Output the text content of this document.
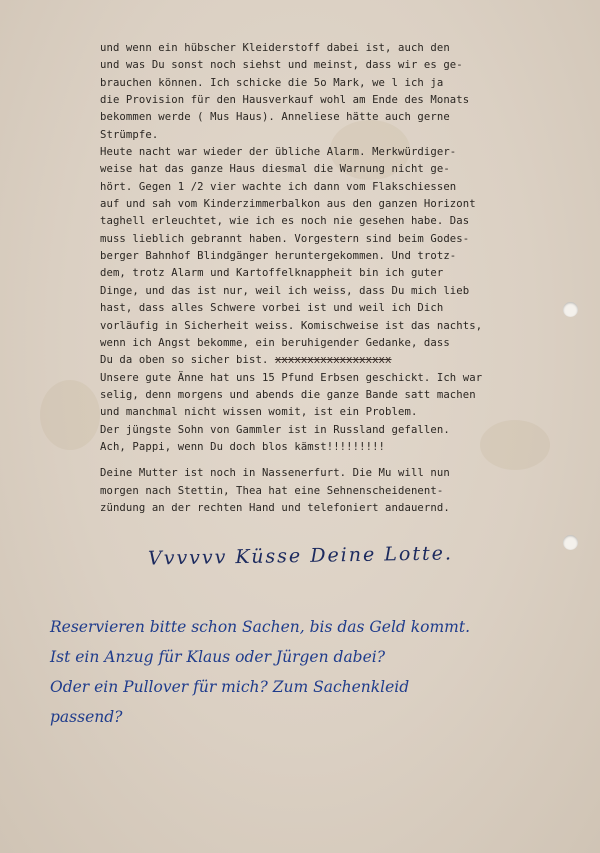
und wenn ein hübscher Kleiderstoff dabei ist, auch den
und was Du sonst noch siehst und meinst, dass wir es ge-
brauchen können. Ich schicke die 5o Mark, we l ich ja
die Provision für den Hausverkauf wohl am Ende des Monats
bekommen werde ( Mus Haus). Anneliese hätte auch gerne
Strümpfe.
Heute nacht war wieder der übliche Alarm. Merkwürdiger-
weise hat das ganze Haus diesmal die Warnung nicht ge-
hört. Gegen 1 /2 vier wachte ich dann vom Flakschiessen
auf und sah vom Kinderzimmerbalkon aus den ganzen Horizont
taghell erleuchtet, wie ich es noch nie gesehen habe. Das
muss lieblich gebrannt haben. Vorgestern sind beim Godes-
berger Bahnhof Blindgänger heruntergekommen. Und trotz-
dem, trotz Alarm und Kartoffelknappheit bin ich guter
Dinge, und das ist nur, weil ich weiss, dass Du mich lieb
hast, dass alles Schwere vorbei ist und weil ich Dich
vorläufig in Sicherheit weiss. Komischweise ist das nachts,
wenn ich Angst bekomme, ein beruhigender Gedanke, dass
Du da oben so sicher bist. xxxxxxxxxxxxxxxxxx
Unsere gute Änne hat uns 15 Pfund Erbsen geschickt. Ich war
selig, denn morgens und abends die ganze Bande satt machen
und manchmal nicht wissen womit, ist ein Problem.
Der jüngste Sohn von Gammler ist in Russland gefallen.
Ach, Pappi, wenn Du doch blos kämst!!!!!!!!!
Deine Mutter ist noch in Nassenerfurt. Die Mu will nun
morgen nach Stettin, Thea hat eine Sehnenscheidenent-
zündung an der rechten Hand und telefoniert andauernd.
Vvvvvv Küsse Deine Lotte.
Reservieren bitte schon Sachen, bis das Geld kommt.
Ist ein Anzug für Klaus oder Jürgen dabei?
Oder ein Pullover für mich? Zum Sachenkleid
passend?
